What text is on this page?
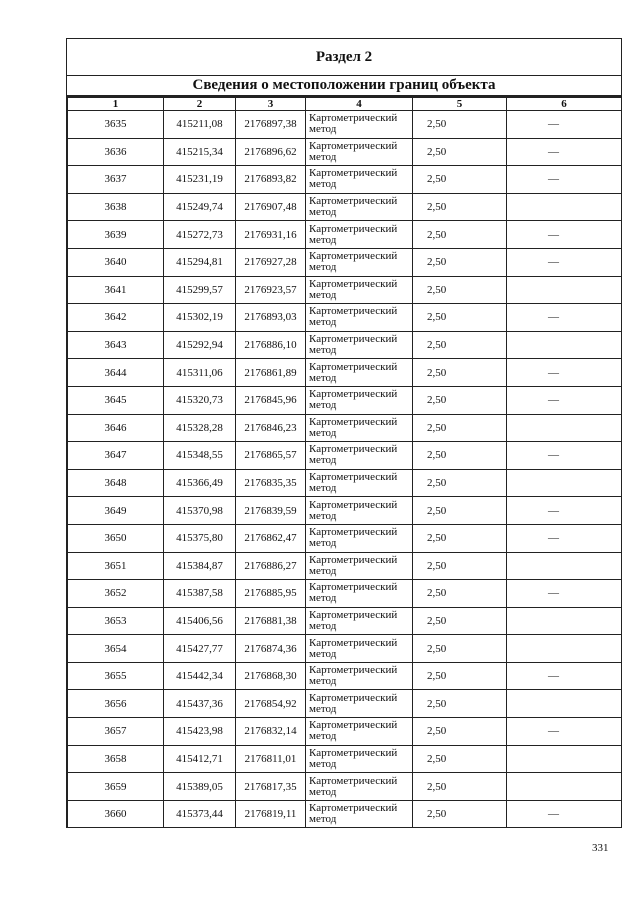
Раздел 2
Сведения о местоположении границ объекта
1	2	3	4	5	6
3635	415211,08	2176897,38	Картометрический метод	2,50	—
3636	415215,34	2176896,62	Картометрический метод	2,50	—
3637	415231,19	2176893,82	Картометрический метод	2,50	—
3638	415249,74	2176907,48	Картометрический метод	2,50	
3639	415272,73	2176931,16	Картометрический метод	2,50	—
3640	415294,81	2176927,28	Картометрический метод	2,50	—
3641	415299,57	2176923,57	Картометрический метод	2,50	
3642	415302,19	2176893,03	Картометрический метод	2,50	—
3643	415292,94	2176886,10	Картометрический метод	2,50	
3644	415311,06	2176861,89	Картометрический метод	2,50	—
3645	415320,73	2176845,96	Картометрический метод	2,50	—
3646	415328,28	2176846,23	Картометрический метод	2,50	
3647	415348,55	2176865,57	Картометрический метод	2,50	—
3648	415366,49	2176835,35	Картометрический метод	2,50	
3649	415370,98	2176839,59	Картометрический метод	2,50	—
3650	415375,80	2176862,47	Картометрический метод	2,50	—
3651	415384,87	2176886,27	Картометрический метод	2,50	
3652	415387,58	2176885,95	Картометрический метод	2,50	—
3653	415406,56	2176881,38	Картометрический метод	2,50	
3654	415427,77	2176874,36	Картометрический метод	2,50	
3655	415442,34	2176868,30	Картометрический метод	2,50	—
3656	415437,36	2176854,92	Картометрический метод	2,50	
3657	415423,98	2176832,14	Картометрический метод	2,50	—
3658	415412,71	2176811,01	Картометрический метод	2,50	
3659	415389,05	2176817,35	Картометрический метод	2,50	
3660	415373,44	2176819,11	Картометрический метод	2,50	—
331
